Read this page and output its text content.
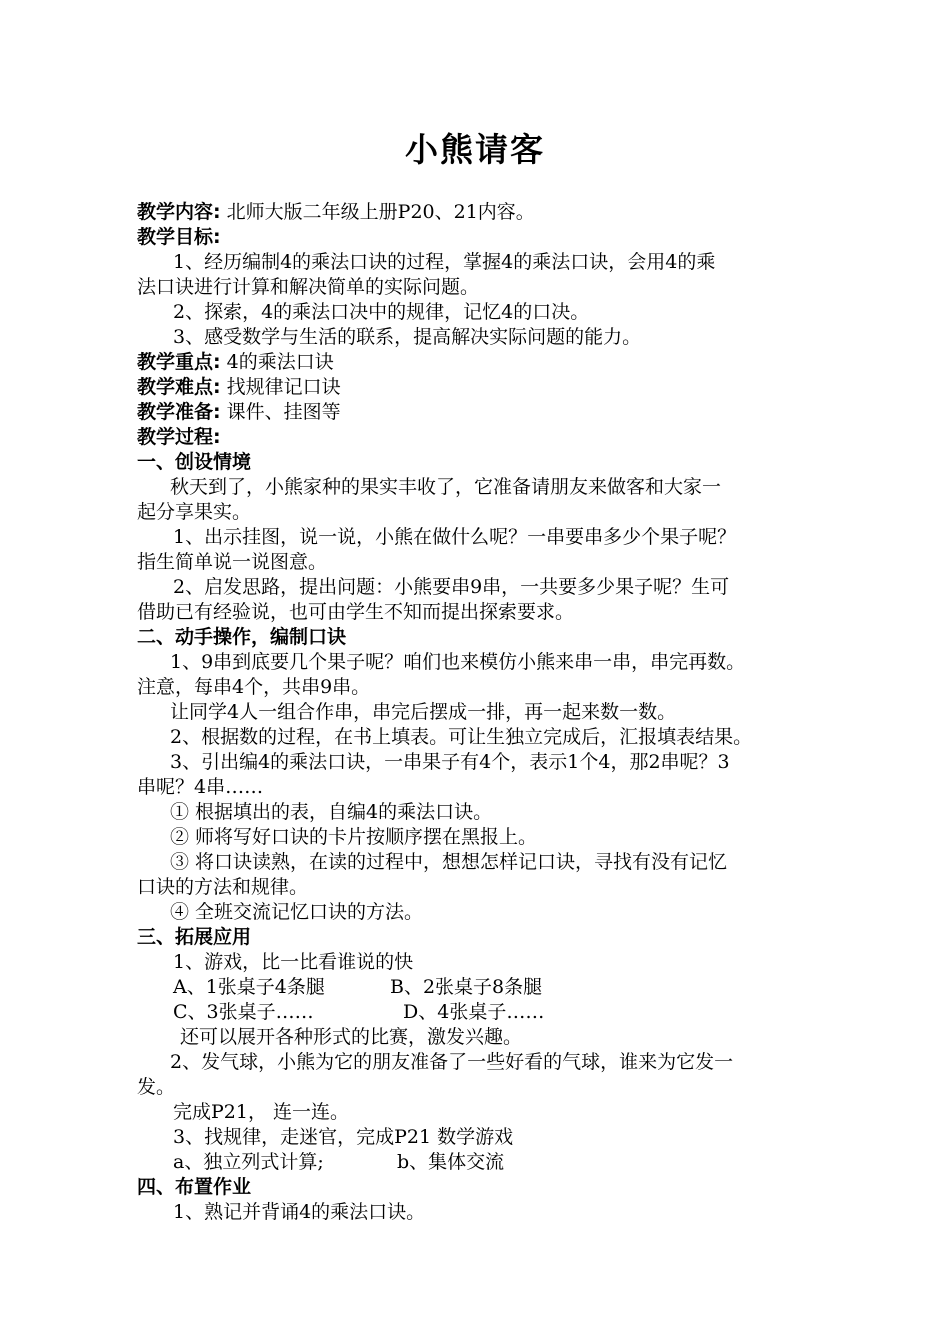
小熊请客
教学内容: 北师大版二年级上册P20、21内容。
教学目标:
1、经历编制4的乘法口诀的过程，掌握4的乘法口诀，会用4的乘
法口诀进行计算和解决简单的实际问题。
2、探索，4的乘法口决中的规律，记忆4的口决。
3、感受数学与生活的联系，提高解决实际问题的能力。
教学重点: 4的乘法口诀
教学难点: 找规律记口诀
教学准备: 课件、挂图等
教学过程:
一、创设情境
秋天到了，小熊家种的果实丰收了，它准备请朋友来做客和大家一
起分享果实。
1、出示挂图，说一说，小熊在做什么呢？一串要串多少个果子呢？
指生简单说一说图意。
2、启发思路，提出问题：小熊要串9串，一共要多少果子呢？生可
借助已有经验说，也可由学生不知而提出探索要求。
二、动手操作，编制口诀
1、9串到底要几个果子呢？咱们也来模仿小熊来串一串，串完再数。
注意，每串4个，共串9串。
让同学4人一组合作串，串完后摆成一排，再一起来数一数。
2、根据数的过程，在书上填表。可让生独立完成后，汇报填表结果。
3、引出编4的乘法口诀，一串果子有4个，表示1个4，那2串呢？3
串呢？4串……
① 根据填出的表，自编4的乘法口诀。
② 师将写好口诀的卡片按顺序摆在黑报上。
③ 将口诀读熟，在读的过程中，想想怎样记口诀，寻找有没有记忆
口诀的方法和规律。
④ 全班交流记忆口诀的方法。
三、拓展应用
1、游戏，比一比看谁说的快
A、1张桌子4条腿	B、2张桌子8条腿
C、3张桌子……	D、4张桌子……
还可以展开各种形式的比赛，激发兴趣。
2、发气球，小熊为它的朋友准备了一些好看的气球，谁来为它发一
发。
完成P21， 连一连。
3、找规律，走迷官，完成P21 数学游戏
a、独立列式计算;	b、集体交流
四、布置作业
1、熟记并背诵4的乘法口诀。
